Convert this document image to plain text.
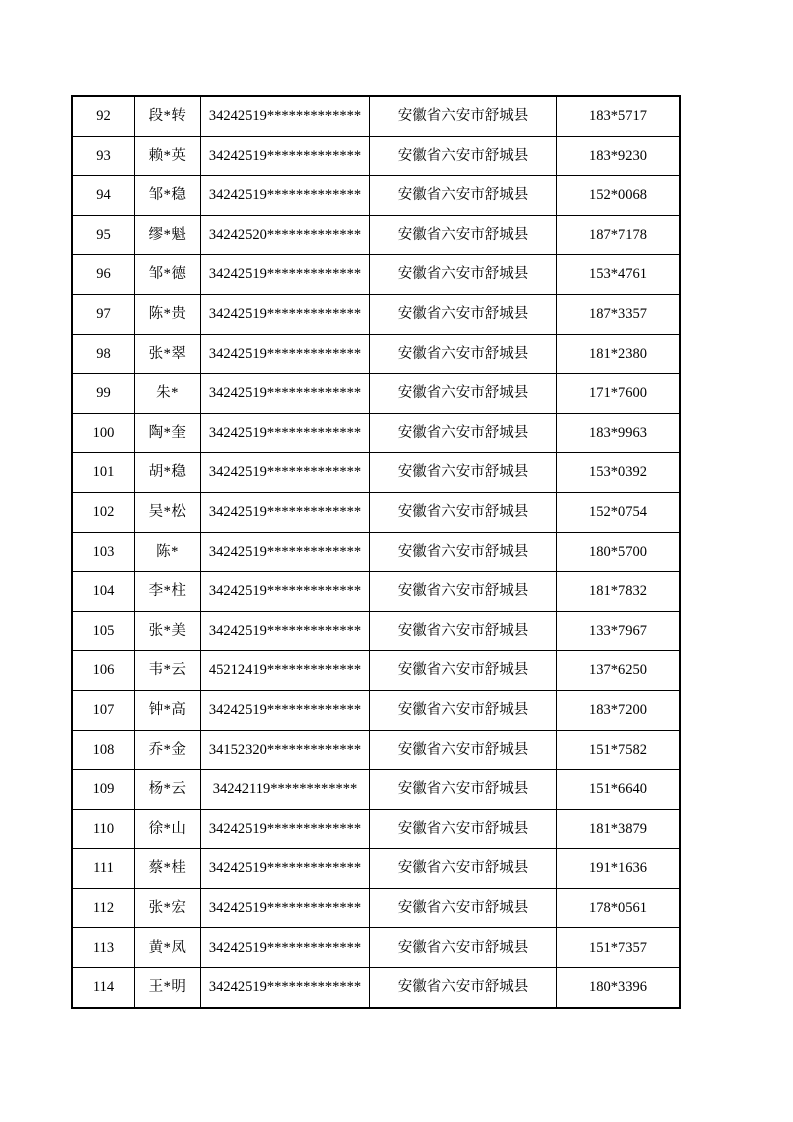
92	段*转	34242519*************	安徽省六安市舒城县	183*5717
93	赖*英	34242519*************	安徽省六安市舒城县	183*9230
94	邹*稳	34242519*************	安徽省六安市舒城县	152*0068
95	缪*魁	34242520*************	安徽省六安市舒城县	187*7178
96	邹*德	34242519*************	安徽省六安市舒城县	153*4761
97	陈*贵	34242519*************	安徽省六安市舒城县	187*3357
98	张*翠	34242519*************	安徽省六安市舒城县	181*2380
99	朱*	34242519*************	安徽省六安市舒城县	171*7600
100	陶*奎	34242519*************	安徽省六安市舒城县	183*9963
101	胡*稳	34242519*************	安徽省六安市舒城县	153*0392
102	吴*松	34242519*************	安徽省六安市舒城县	152*0754
103	陈*	34242519*************	安徽省六安市舒城县	180*5700
104	李*柱	34242519*************	安徽省六安市舒城县	181*7832
105	张*美	34242519*************	安徽省六安市舒城县	133*7967
106	韦*云	45212419*************	安徽省六安市舒城县	137*6250
107	钟*高	34242519*************	安徽省六安市舒城县	183*7200
108	乔*金	34152320*************	安徽省六安市舒城县	151*7582
109	杨*云	34242119************	安徽省六安市舒城县	151*6640
110	徐*山	34242519*************	安徽省六安市舒城县	181*3879
111	蔡*桂	34242519*************	安徽省六安市舒城县	191*1636
112	张*宏	34242519*************	安徽省六安市舒城县	178*0561
113	黄*凤	34242519*************	安徽省六安市舒城县	151*7357
114	王*明	34242519*************	安徽省六安市舒城县	180*3396
